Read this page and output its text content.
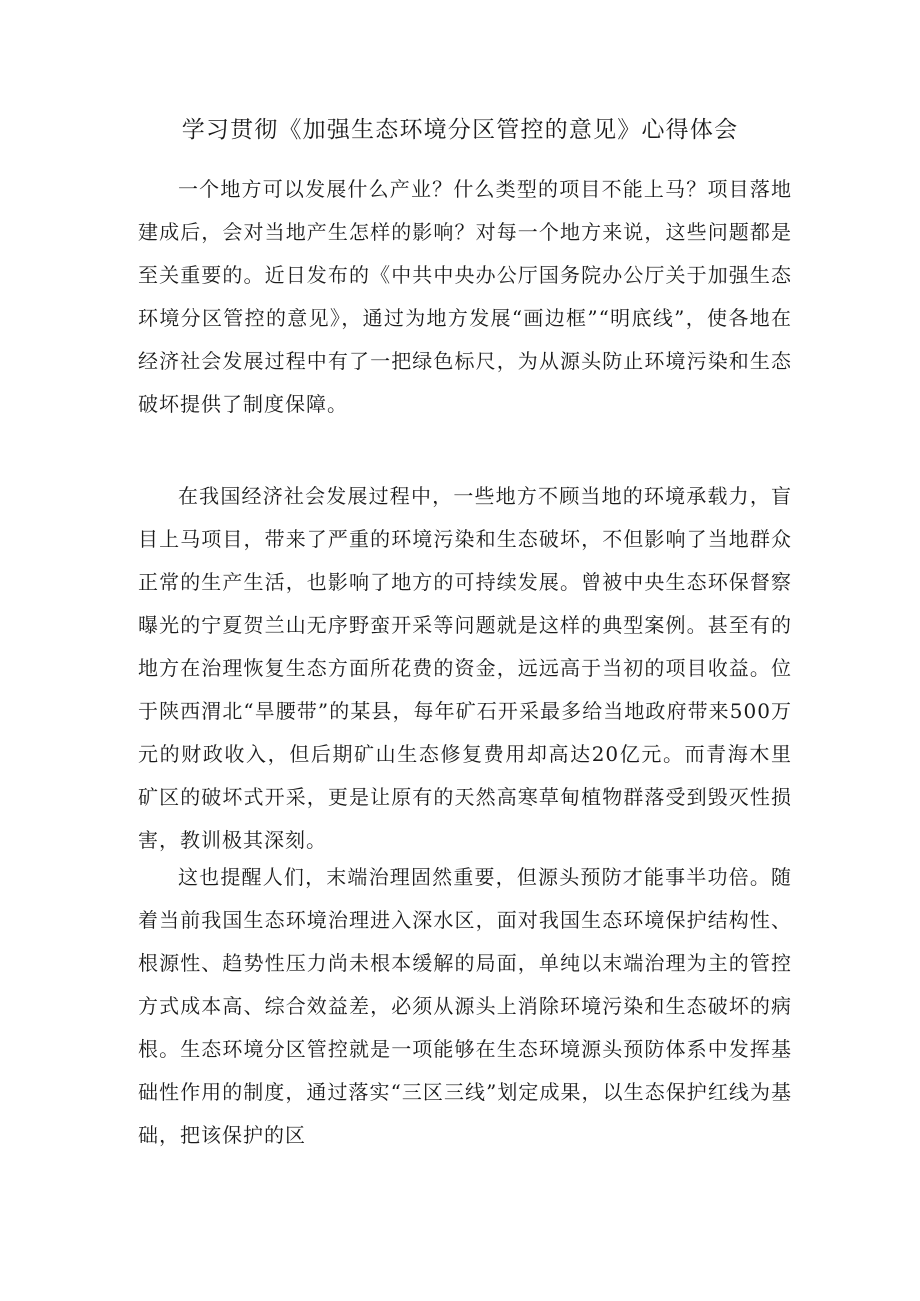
学习贯彻《加强生态环境分区管控的意见》心得体会

一个地方可以发展什么产业？什么类型的项目不能上马？项目落地建成后，会对当地产生怎样的影响？对每一个地方来说，这些问题都是至关重要的。近日发布的《中共中央办公厅国务院办公厅关于加强生态环境分区管控的意见》，通过为地方发展“画边框”“明底线”，使各地在经济社会发展过程中有了一把绿色标尺，为从源头防止环境污染和生态破坏提供了制度保障。

在我国经济社会发展过程中，一些地方不顾当地的环境承载力，盲目上马项目，带来了严重的环境污染和生态破坏，不但影响了当地群众正常的生产生活，也影响了地方的可持续发展。曾被中央生态环保督察曝光的宁夏贺兰山无序野蛮开采等问题就是这样的典型案例。甚至有的地方在治理恢复生态方面所花费的资金，远远高于当初的项目收益。位于陕西渭北“旱腰带”的某县，每年矿石开采最多给当地政府带来500万元的财政收入，但后期矿山生态修复费用却高达20亿元。而青海木里矿区的破坏式开采，更是让原有的天然高寒草甸植物群落受到毁灭性损害，教训极其深刻。

这也提醒人们，末端治理固然重要，但源头预防才能事半功倍。随着当前我国生态环境治理进入深水区，面对我国生态环境保护结构性、根源性、趋势性压力尚未根本缓解的局面，单纯以末端治理为主的管控方式成本高、综合效益差，必须从源头上消除环境污染和生态破坏的病根。生态环境分区管控就是一项能够在生态环境源头预防体系中发挥基础性作用的制度，通过落实“三区三线”划定成果，以生态保护红线为基础，把该保护的区
